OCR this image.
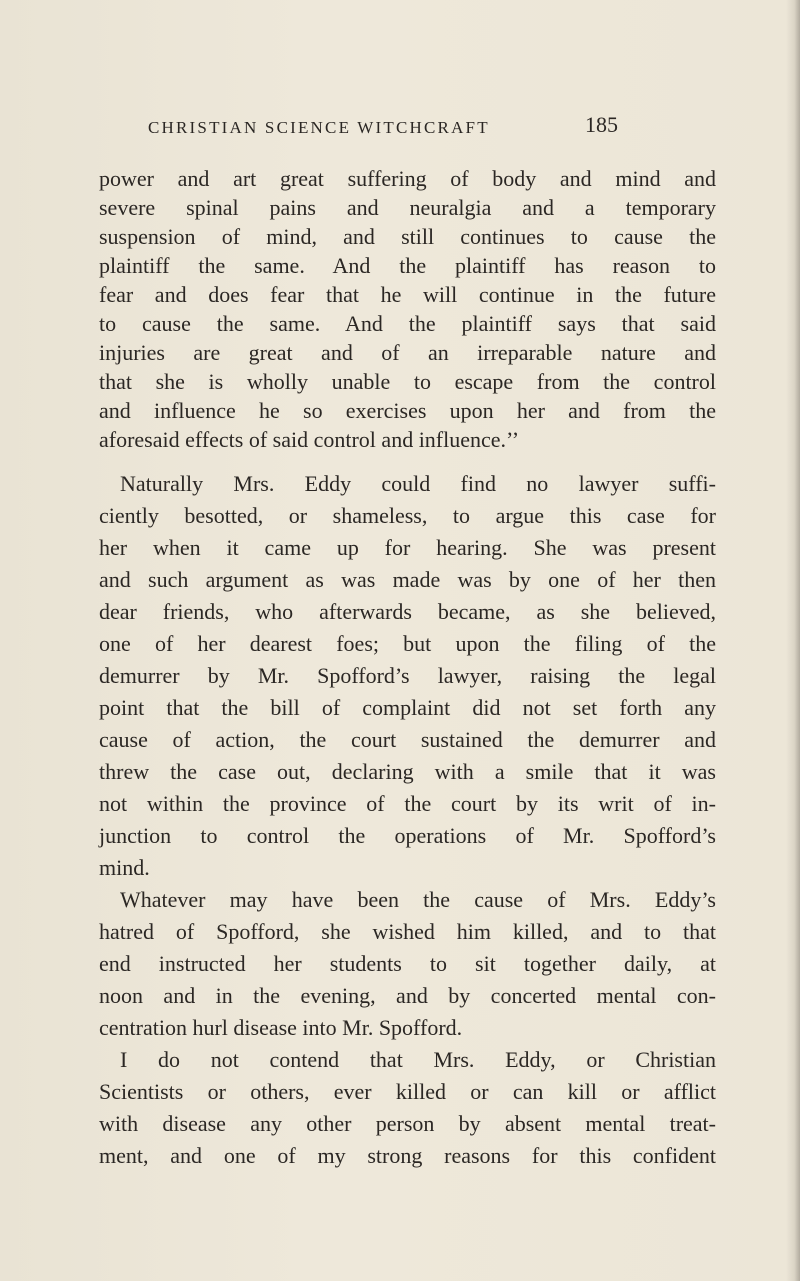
CHRISTIAN SCIENCE WITCHCRAFT	185
power and art great suffering of body and mind and
severe spinal pains and neuralgia and a temporary
suspension of mind, and still continues to cause the
plaintiff the same. And the plaintiff has reason to
fear and does fear that he will continue in the future
to cause the same. And the plaintiff says that said
injuries are great and of an irreparable nature and
that she is wholly unable to escape from the control
and influence he so exercises upon her and from the
aforesaid effects of said control and influence.’’
Naturally Mrs. Eddy could find no lawyer suffi-
ciently besotted, or shameless, to argue this case for
her when it came up for hearing. She was present
and such argument as was made was by one of her then
dear friends, who afterwards became, as she believed,
one of her dearest foes; but upon the filing of the
demurrer by Mr. Spofford’s lawyer, raising the legal
point that the bill of complaint did not set forth any
cause of action, the court sustained the demurrer and
threw the case out, declaring with a smile that it was
not within the province of the court by its writ of in-
junction to control the operations of Mr. Spofford’s
mind.
Whatever may have been the cause of Mrs. Eddy’s
hatred of Spofford, she wished him killed, and to that
end instructed her students to sit together daily, at
noon and in the evening, and by concerted mental con-
centration hurl disease into Mr. Spofford.
I do not contend that Mrs. Eddy, or Christian
Scientists or others, ever killed or can kill or afflict
with disease any other person by absent mental treat-
ment, and one of my strong reasons for this confident
